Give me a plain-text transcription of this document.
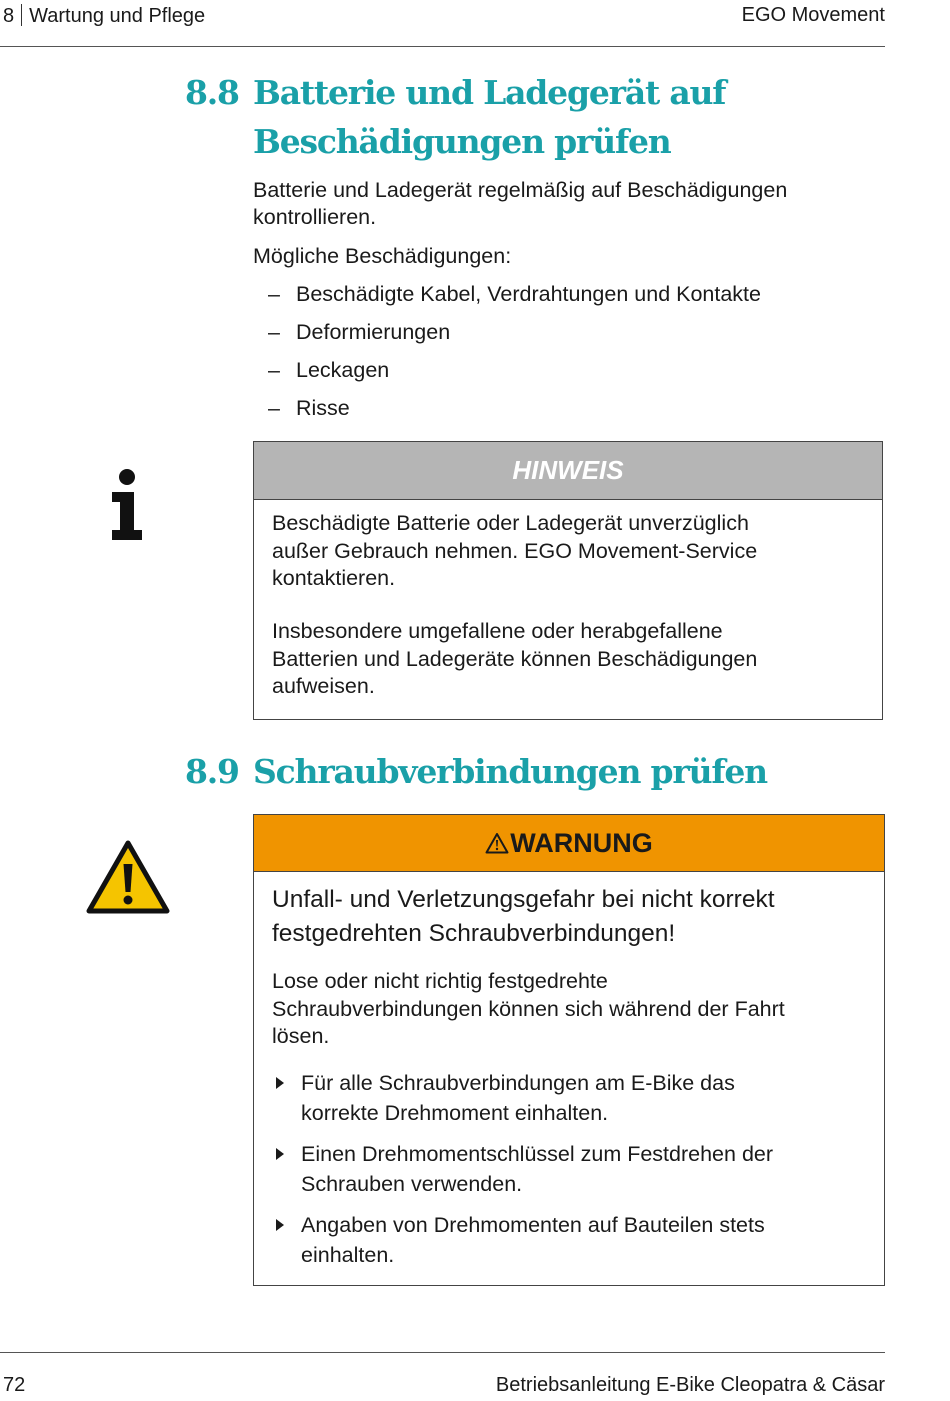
8 Wartung und Pflege	EGO Movement
8.8 Batterie und Ladegerät auf
Beschädigungen prüfen
Batterie und Ladegerät regelmäßig auf Beschädigungen
kontrollieren.
Mögliche Beschädigungen:
– Beschädigte Kabel, Verdrahtungen und Kontakte
– Deformierungen
– Leckagen
– Risse
HINWEIS
Beschädigte Batterie oder Ladegerät unverzüglich
außer Gebrauch nehmen. EGO Movement-Service
kontaktieren.
Insbesondere umgefallene oder herabgefallene
Batterien und Ladegeräte können Beschädigungen
aufweisen.
8.9 Schraubverbindungen prüfen
WARNUNG
Unfall- und Verletzungsgefahr bei nicht korrekt
festgedrehten Schraubverbindungen!
Lose oder nicht richtig festgedrehte
Schraubverbindungen können sich während der Fahrt
lösen.
Für alle Schraubverbindungen am E-Bike das
korrekte Drehmoment einhalten.
Einen Drehmomentschlüssel zum Festdrehen der
Schrauben verwenden.
Angaben von Drehmomenten auf Bauteilen stets
einhalten.
72	Betriebsanleitung E-Bike Cleopatra & Cäsar
